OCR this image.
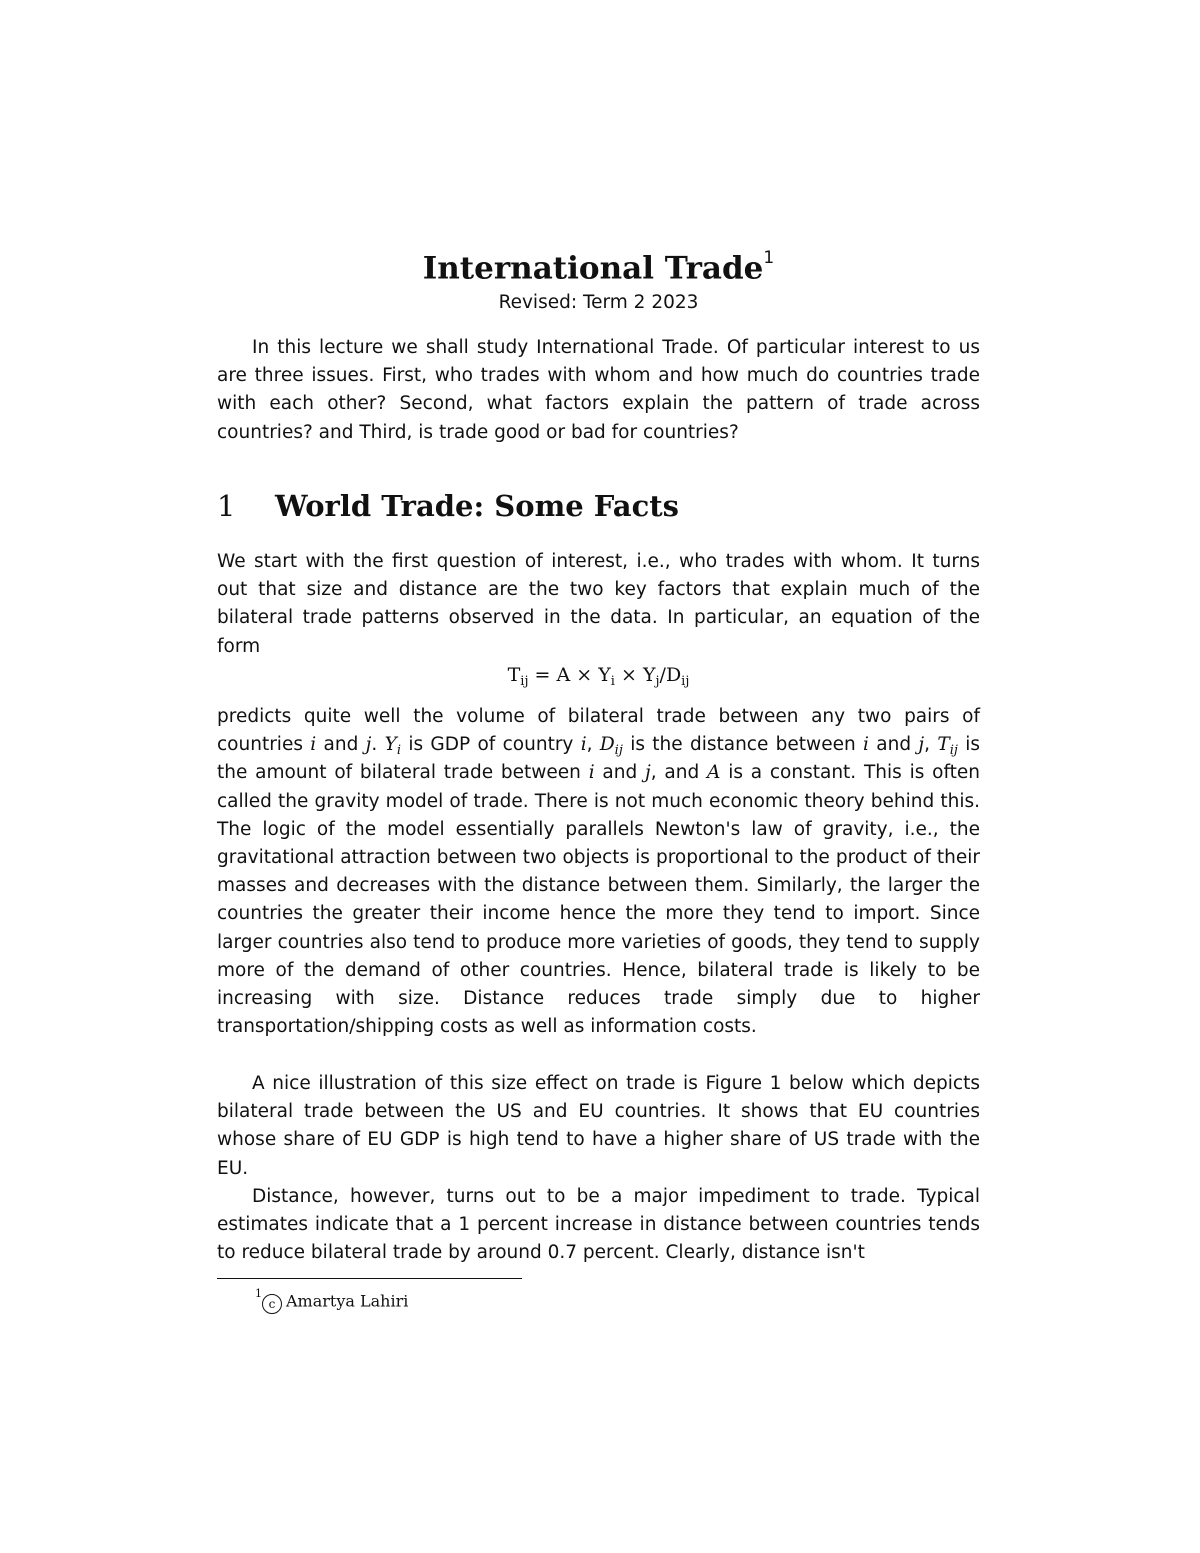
International Trade$^1$

Revised: Term 2 2023

In this lecture we shall study International Trade. Of particular interest to us are three issues. First, who trades with whom and how much do countries trade with each other? Second, what factors explain the pattern of trade across countries? and Third, is trade good or bad for countries?

1 World Trade: Some Facts

We start with the first question of interest, i.e., who trades with whom. It turns out that size and distance are the two key factors that explain much of the bilateral trade patterns observed in the data. In particular, an equation of the form

$T_{ij} = A \times Y_i \times Y_j/D_{ij}$

predicts quite well the volume of bilateral trade between any two pairs of countries i and j. $Y_i$ is GDP of country i, $D_{ij}$ is the distance between i and j, $T_{ij}$ is the amount of bilateral trade between i and j, and A is a constant. This is often called the gravity model of trade. There is not much economic theory behind this. The logic of the model essentially parallels Newton's law of gravity, i.e., the gravitational attraction between two objects is proportional to the product of their masses and decreases with the distance between them. Similarly, the larger the countries the greater their income hence the more they tend to import. Since larger countries also tend to produce more varieties of goods, they tend to supply more of the demand of other countries. Hence, bilateral trade is likely to be increasing with size. Distance reduces trade simply due to higher transportation/shipping costs as well as information costs.

A nice illustration of this size effect on trade is Figure 1 below which depicts bilateral trade between the US and EU countries. It shows that EU countries whose share of EU GDP is high tend to have a higher share of US trade with the EU.

Distance, however, turns out to be a major impediment to trade. Typical estimates indicate that a 1 percent increase in distance between countries tends to reduce bilateral trade by around 0.7 percent. Clearly, distance isn't

$^1$c Amartya Lahiri
